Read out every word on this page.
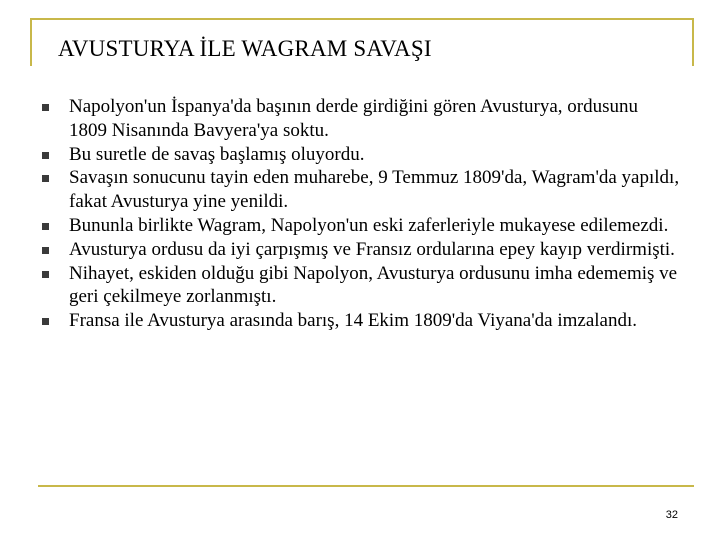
AVUSTURYA İLE WAGRAM SAVAŞI
Napolyon'un İspanya'da başının derde girdiğini gören Avusturya, ordusunu 1809 Nisanında Bavyera'ya soktu.
Bu suretle de savaş başlamış oluyordu.
Savaşın sonucunu tayin eden muharebe, 9 Temmuz 1809'da, Wagram'da yapıldı, fakat Avusturya yine yenildi.
Bununla birlikte Wagram, Napolyon'un eski zaferleriyle mukayese edilemezdi.
Avusturya ordusu da iyi çarpışmış ve Fransız ordularına epey kayıp verdirmişti.
Nihayet, eskiden olduğu gibi Napolyon, Avusturya ordusunu imha edememiş ve geri çekilmeye zorlanmıştı.
Fransa ile Avusturya arasında barış, 14 Ekim 1809'da Viyana'da imzalandı.
32
